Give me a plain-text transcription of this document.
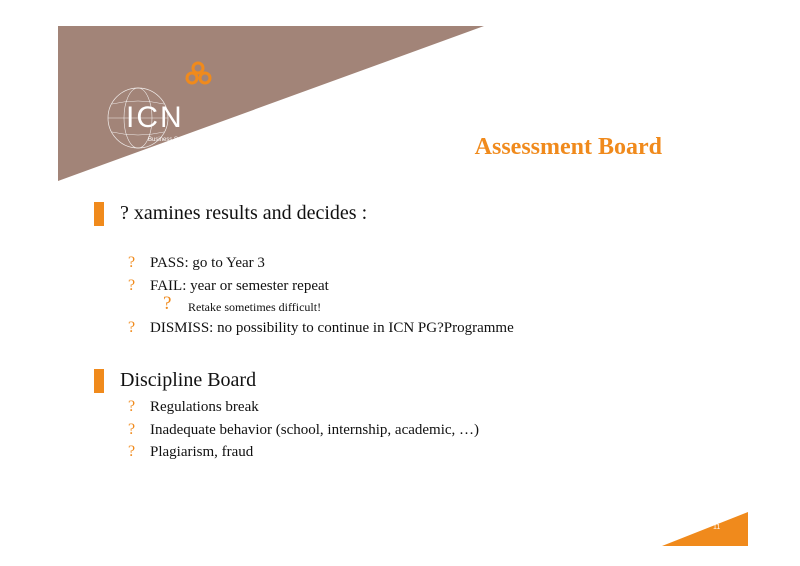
ICN
Business School
learning by results	Assessment Board
? xamines results and decides :
? PASS: go to Year 3
? FAIL: year or semester repeat
? Retake sometimes difficult!
? DISMISS: no possibility to continue in ICN PG?Programme
Discipline Board
? Regulations break
? Inadequate behavior (school, internship, academic, …)
? Plagiarism, fraud
11
